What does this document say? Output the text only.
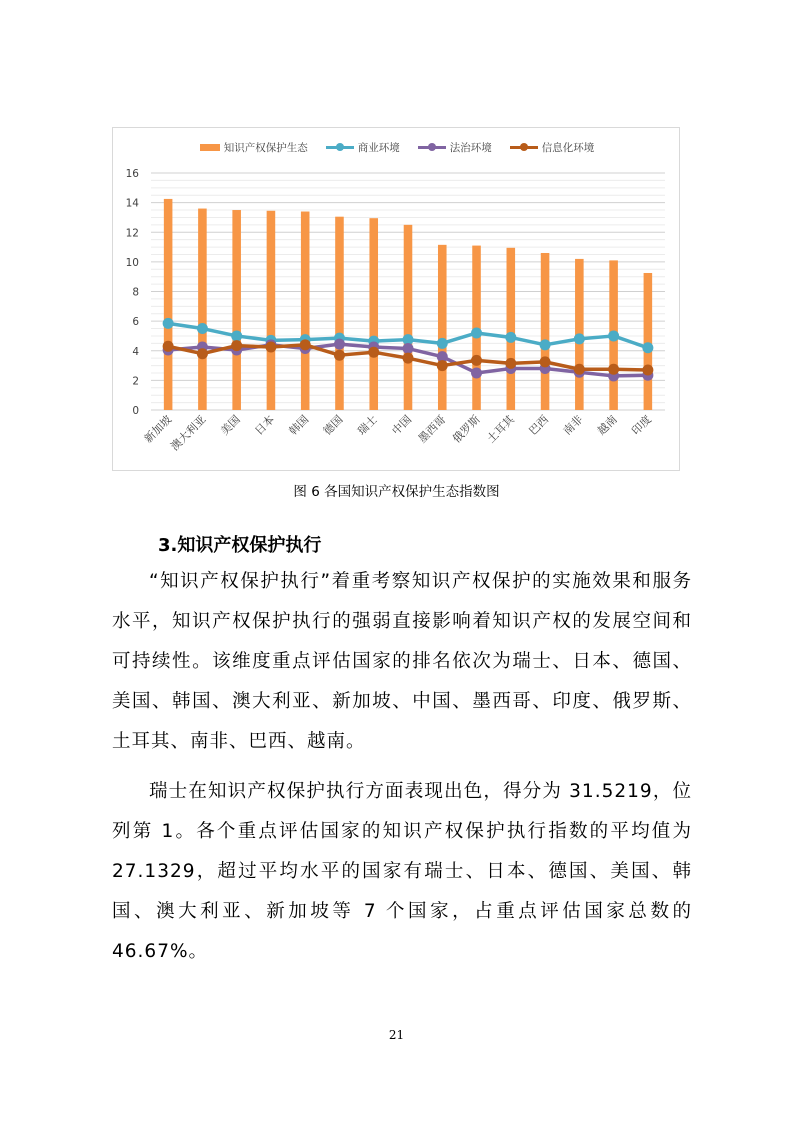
知识产权保护生态	商业环境	法治环境	信息化环境
0
2
4
6
8
10
12
14
16
新加坡
澳大利亚 美国 日本 韩国 德国 瑞士 中国 墨西哥 俄罗斯 土耳其 巴西 南非 越南 印度
图 6 各国知识产权保护生态指数图
3.知识产权保护执行
“知识产权保护执行”着重考察知识产权保护的实施效果和服务水平，知识产权保护执行的强弱直接影响着知识产权的发展空间和可持续性。该维度重点评估国家的排名依次为瑞士、日本、德国、美国、韩国、澳大利亚、新加坡、中国、墨西哥、印度、俄罗斯、土耳其、南非、巴西、越南。
瑞士在知识产权保护执行方面表现出色，得分为 31.5219，位列第 1。各个重点评估国家的知识产权保护执行指数的平均值为 27.1329，超过平均水平的国家有瑞士、日本、德国、美国、韩国、澳大利亚、新加坡等 7 个国家，占重点评估国家总数的 46.67%。
21
